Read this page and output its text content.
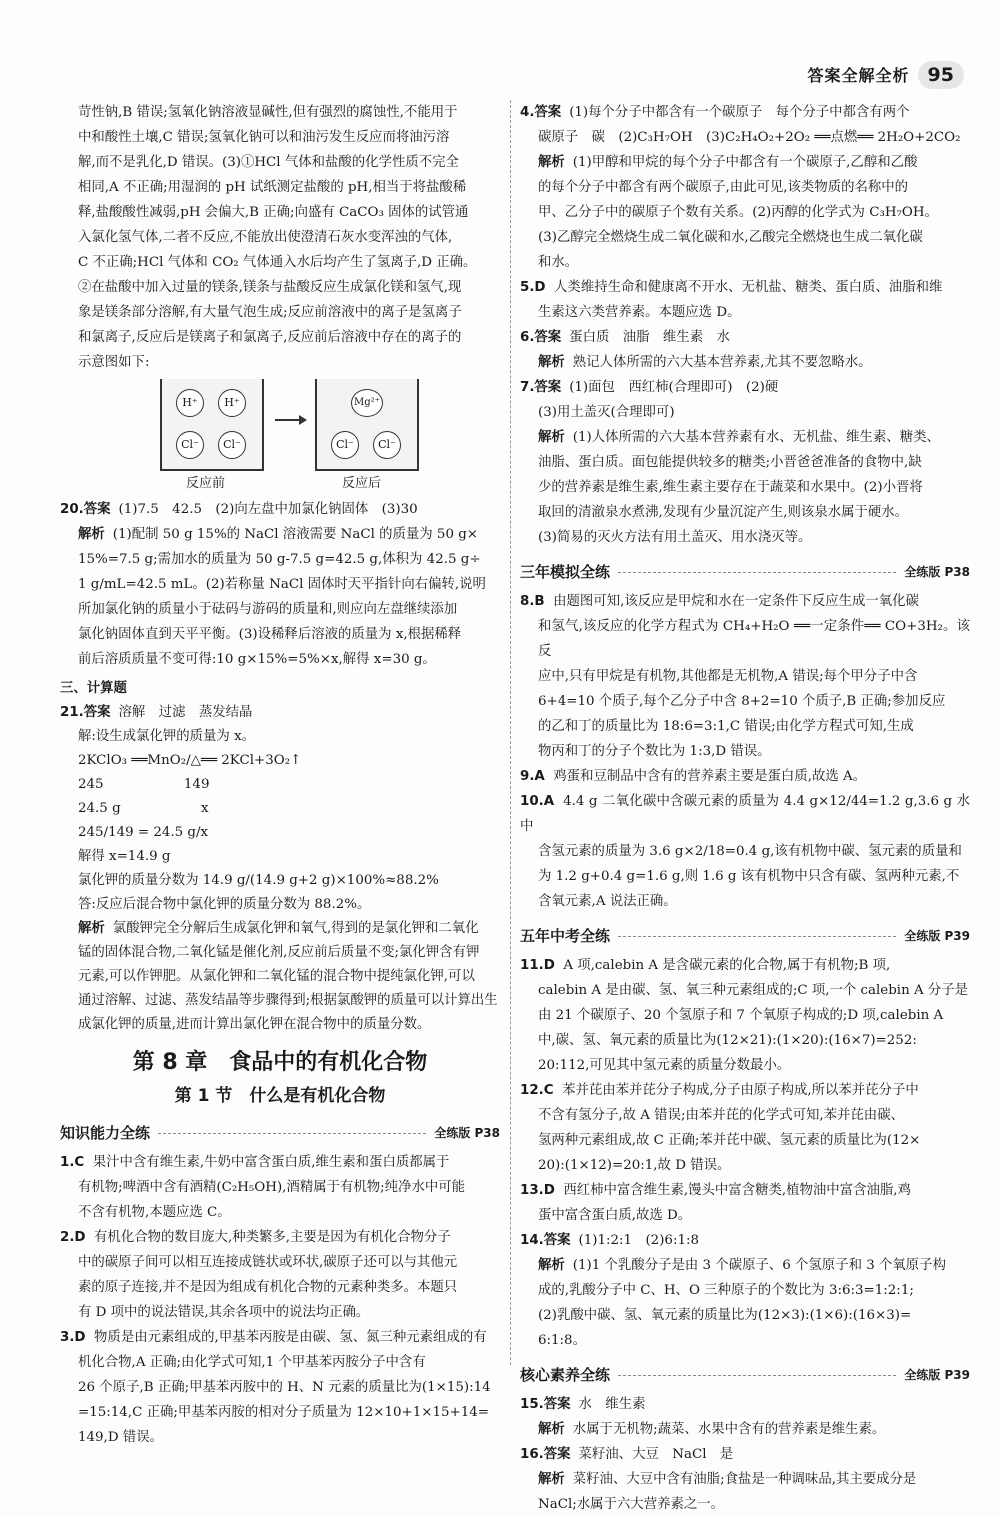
答案全解全析 95

苛性钠,B 错误;氢氧化钠溶液显碱性,但有强烈的腐蚀性,不能用于

中和酸性土壤,C 错误;氢氧化钠可以和油污发生反应而将油污溶

解,而不是乳化,D 错误。(3)①HCl 气体和盐酸的化学性质不完全

相同,A 不正确;用湿润的 pH 试纸测定盐酸的 pH,相当于将盐酸稀

释,盐酸酸性减弱,pH 会偏大,B 正确;向盛有 CaCO₃ 固体的试管通

入氯化氢气体,二者不反应,不能放出使澄清石灰水变浑浊的气体,

C 不正确;HCl 气体和 CO₂ 气体通入水后均产生了氢离子,D 正确。

②在盐酸中加入过量的镁条,镁条与盐酸反应生成氯化镁和氢气,现

象是镁条部分溶解,有大量气泡生成;反应前溶液中的离子是氢离子

和氯离子,反应后是镁离子和氯离子,反应前后溶液中存在的离子的

示意图如下:

H⁺	H⁺
Cl⁻	Cl⁻
Mg²⁺
Cl⁻	Cl⁻
反应前	反应后

20.答案 (1)7.5　42.5　(2)向左盘中加氯化钠固体　(3)30

解析 (1)配制 50 g 15%的 NaCl 溶液需要 NaCl 的质量为 50 g×

15%=7.5 g;需加水的质量为 50 g-7.5 g=42.5 g,体积为 42.5 g÷

1 g/mL=42.5 mL。(2)若称量 NaCl 固体时天平指针向右偏转,说明

所加氯化钠的质量小于砝码与游码的质量和,则应向左盘继续添加

氯化钠固体直到天平平衡。(3)设稀释后溶液的质量为 x,根据稀释

前后溶质质量不变可得:10 g×15%=5%×x,解得 x=30 g。

三、计算题

21.答案 溶解　过滤　蒸发结晶

解:设生成氯化钾的质量为 x。

2KClO₃ ══MnO₂/△══ 2KCl+3O₂↑

245　　　　　　149

24.5 g　　　　　　x

245/149 = 24.5 g/x

解得 x=14.9 g

氯化钾的质量分数为 14.9 g/(14.9 g+2 g)×100%≈88.2%

答:反应后混合物中氯化钾的质量分数为 88.2%。

解析 氯酸钾完全分解后生成氯化钾和氧气,得到的是氯化钾和二氧化

锰的固体混合物,二氧化锰是催化剂,反应前后质量不变;氯化钾含有钾

元素,可以作钾肥。从氯化钾和二氧化锰的混合物中提纯氯化钾,可以

通过溶解、过滤、蒸发结晶等步骤得到;根据氯酸钾的质量可以计算出生

成氯化钾的质量,进而计算出氯化钾在混合物中的质量分数。

第 8 章　食品中的有机化合物
第 1 节　什么是有机化合物
知识能力全练	全练版 P38

1.C 果汁中含有维生素,牛奶中富含蛋白质,维生素和蛋白质都属于

有机物;啤酒中含有酒精(C₂H₅OH),酒精属于有机物;纯净水中可能

不含有机物,本题应选 C。

2.D 有机化合物的数目庞大,种类繁多,主要是因为有机化合物分子

中的碳原子间可以相互连接成链状或环状,碳原子还可以与其他元

素的原子连接,并不是因为组成有机化合物的元素种类多。本题只

有 D 项中的说法错误,其余各项中的说法均正确。

3.D 物质是由元素组成的,甲基苯丙胺是由碳、氢、氮三种元素组成的有

机化合物,A 正确;由化学式可知,1 个甲基苯丙胺分子中含有

26 个原子,B 正确;甲基苯丙胺中的 H、N 元素的质量比为(1×15):14

=15:14,C 正确;甲基苯丙胺的相对分子质量为 12×10+1×15+14=

149,D 错误。

4.答案 (1)每个分子中都含有一个碳原子　每个分子中都含有两个

碳原子　碳　(2)C₃H₇OH　(3)C₂H₄O₂+2O₂ ══点燃══ 2H₂O+2CO₂

解析 (1)甲醇和甲烷的每个分子中都含有一个碳原子,乙醇和乙酸

的每个分子中都含有两个碳原子,由此可见,该类物质的名称中的

甲、乙分子中的碳原子个数有关系。(2)丙醇的化学式为 C₃H₇OH。

(3)乙醇完全燃烧生成二氧化碳和水,乙酸完全燃烧也生成二氧化碳

和水。

5.D 人类维持生命和健康离不开水、无机盐、糖类、蛋白质、油脂和维

生素这六类营养素。本题应选 D。

6.答案 蛋白质　油脂　维生素　水

解析 熟记人体所需的六大基本营养素,尤其不要忽略水。

7.答案 (1)面包　西红柿(合理即可)　(2)硬

(3)用土盖灭(合理即可)

解析 (1)人体所需的六大基本营养素有水、无机盐、维生素、糖类、

油脂、蛋白质。面包能提供较多的糖类;小晋爸爸准备的食物中,缺

少的营养素是维生素,维生素主要存在于蔬菜和水果中。(2)小晋将

取回的清澈泉水煮沸,发现有少量沉淀产生,则该泉水属于硬水。

(3)简易的灭火方法有用土盖灭、用水浇灭等。

三年模拟全练	全练版 P38

8.B 由题图可知,该反应是甲烷和水在一定条件下反应生成一氧化碳

和氢气,该反应的化学方程式为 CH₄+H₂O ══一定条件══ CO+3H₂。该反

应中,只有甲烷是有机物,其他都是无机物,A 错误;每个甲分子中含

6+4=10 个质子,每个乙分子中含 8+2=10 个质子,B 正确;参加反应

的乙和丁的质量比为 18:6=3:1,C 错误;由化学方程式可知,生成

物丙和丁的分子个数比为 1:3,D 错误。

9.A 鸡蛋和豆制品中含有的营养素主要是蛋白质,故选 A。

10.A 4.4 g 二氧化碳中含碳元素的质量为 4.4 g×12/44=1.2 g,3.6 g 水中

含氢元素的质量为 3.6 g×2/18=0.4 g,该有机物中碳、氢元素的质量和

为 1.2 g+0.4 g=1.6 g,则 1.6 g 该有机物中只含有碳、氢两种元素,不

含氧元素,A 说法正确。

五年中考全练	全练版 P39

11.D A 项,calebin A 是含碳元素的化合物,属于有机物;B 项,

calebin A 是由碳、氢、氧三种元素组成的;C 项,一个 calebin A 分子是

由 21 个碳原子、20 个氢原子和 7 个氧原子构成的;D 项,calebin A

中,碳、氢、氧元素的质量比为(12×21):(1×20):(16×7)=252:

20:112,可见其中氢元素的质量分数最小。

12.C 苯并芘由苯并芘分子构成,分子由原子构成,所以苯并芘分子中

不含有氢分子,故 A 错误;由苯并芘的化学式可知,苯并芘由碳、

氢两种元素组成,故 C 正确;苯并芘中碳、氢元素的质量比为(12×

20):(1×12)=20:1,故 D 错误。

13.D 西红柿中富含维生素,馒头中富含糖类,植物油中富含油脂,鸡

蛋中富含蛋白质,故选 D。

14.答案 (1)1:2:1　(2)6:1:8

解析 (1)1 个乳酸分子是由 3 个碳原子、6 个氢原子和 3 个氧原子构

成的,乳酸分子中 C、H、O 三种原子的个数比为 3:6:3=1:2:1;

(2)乳酸中碳、氢、氧元素的质量比为(12×3):(1×6):(16×3)=

6:1:8。

核心素养全练	全练版 P39

15.答案 水　维生素

解析 水属于无机物;蔬菜、水果中含有的营养素是维生素。

16.答案 菜籽油、大豆　NaCl　是

解析 菜籽油、大豆中含有油脂;食盐是一种调味品,其主要成分是

NaCl;水属于六大营养素之一。
